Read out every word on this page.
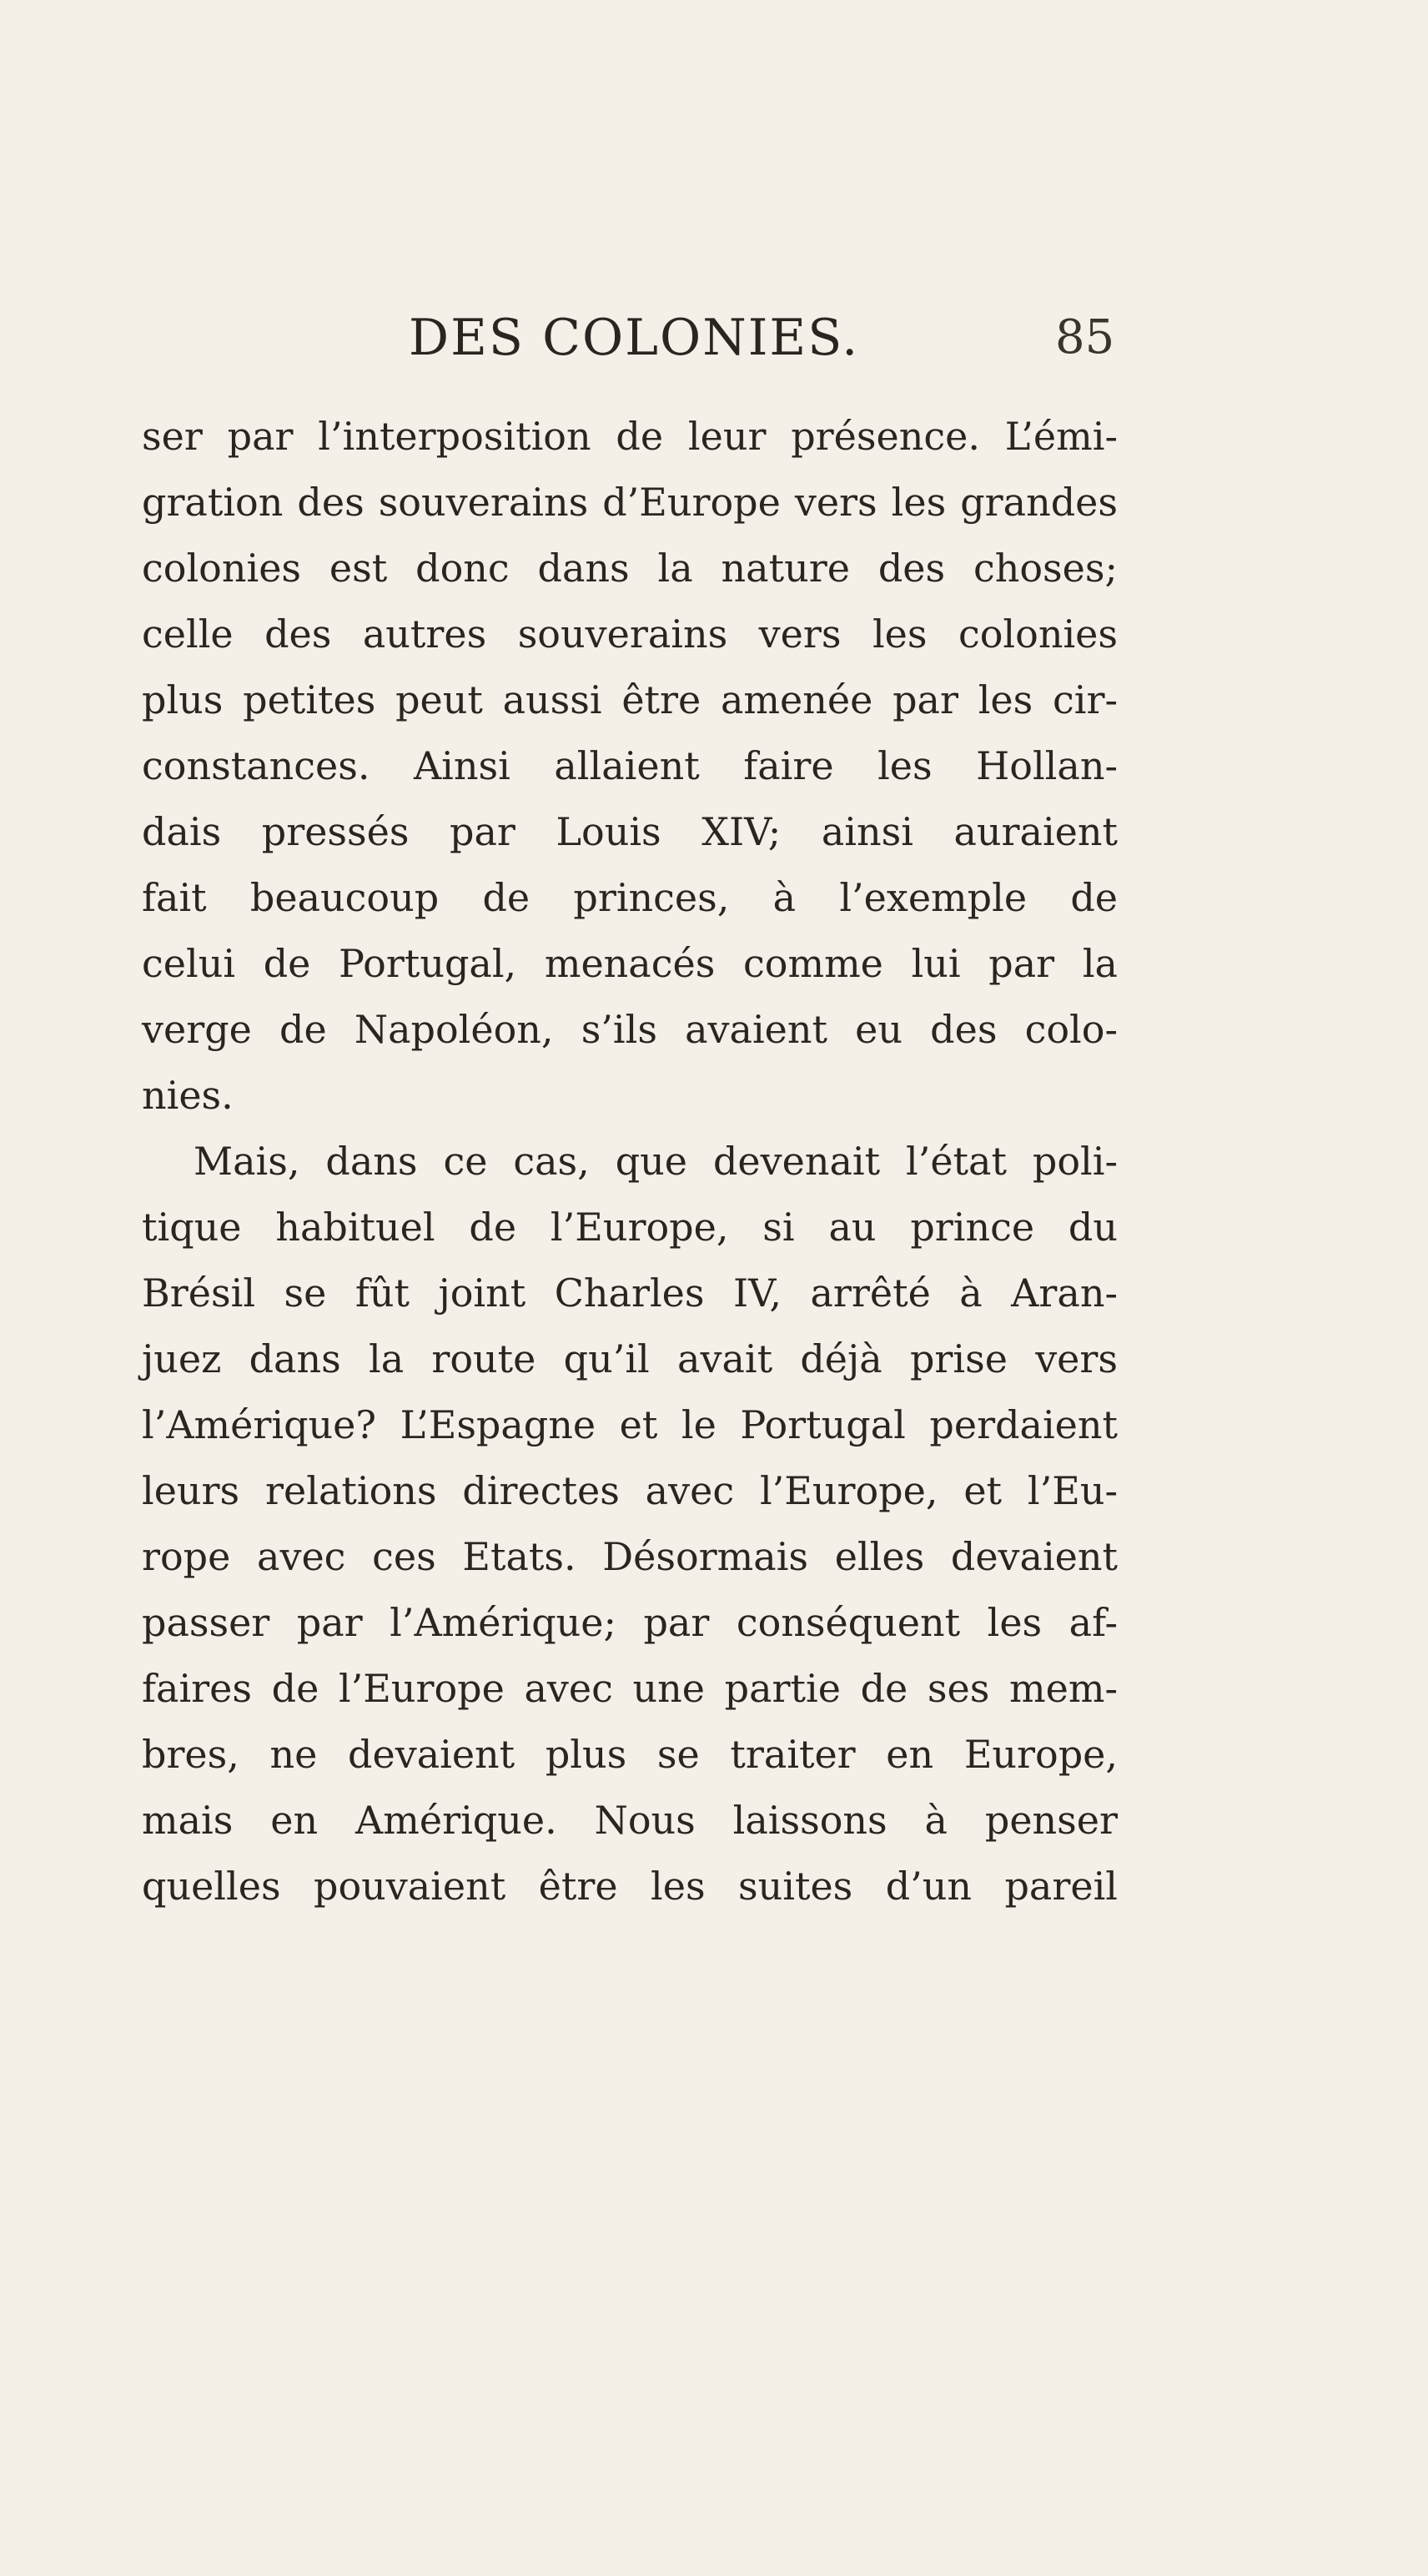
DES COLONIES.	85
ser par l’interposition de leur présence. L’émi-
gration des souverains d’Europe vers les grandes
colonies est donc dans la nature des choses;
celle des autres souverains vers les colonies
plus petites peut aussi être amenée par les cir-
constances. Ainsi allaient faire les Hollan-
dais pressés par Louis XIV; ainsi auraient
fait beaucoup de princes, à l’exemple de
celui de Portugal, menacés comme lui par la
verge de Napoléon, s’ils avaient eu des colo-
nies.
Mais, dans ce cas, que devenait l’état poli-
tique habituel de l’Europe, si au prince du
Brésil se fût joint Charles IV, arrêté à Aran-
juez dans la route qu’il avait déjà prise vers
l’Amérique? L’Espagne et le Portugal perdaient
leurs relations directes avec l’Europe, et l’Eu-
rope avec ces Etats. Désormais elles devaient
passer par l’Amérique; par conséquent les af-
faires de l’Europe avec une partie de ses mem-
bres, ne devaient plus se traiter en Europe,
mais en Amérique. Nous laissons à penser
quelles pouvaient être les suites d’un pareil
